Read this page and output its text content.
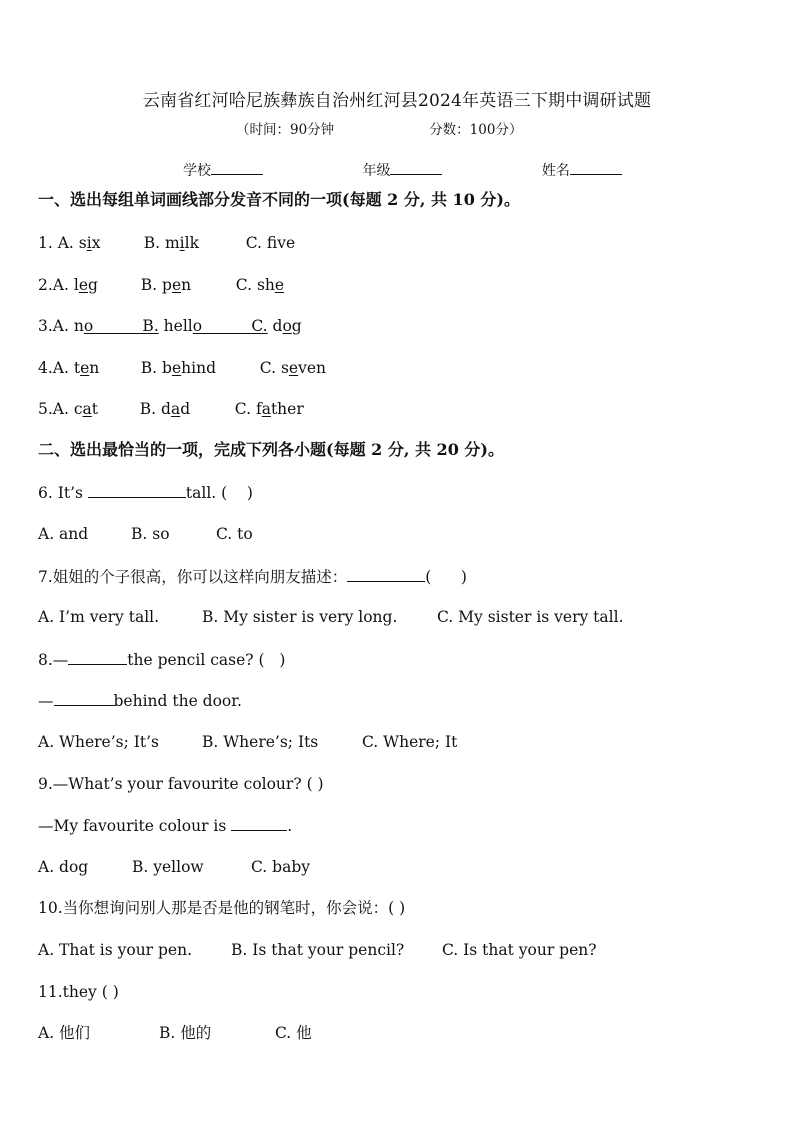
云南省红河哈尼族彝族自治州红河县2024年英语三下期中调研试题
（时间：90分钟	分数：100分）
学校	年级	姓名
一、选出每组单词画线部分发音不同的一项(每题 2 分, 共 10 分)。
1. A. six	B. milk	C. fve
2.A. leg	B. pen	C. she
3.A. no          B. hello          C. dog
4.A. ten	B. behind	C. seven
5.A. cat	B. dad	C. father
二、选出最恰当的一项，完成下列各小题(每题 2 分, 共 20 分)。
6. It’s	tall. (    )
A. and	B. so	C. to
7.姐姐的个子很高，你可以这样向朋友描述：	(      )
A. I’m very tall.	B. My sister is very long.	C. My sister is very tall.
8.—	the pencil case? (   )
—	behind the door.
A. Where’s; It’s	B. Where’s; Its	C. Where; It
9.—What’s your favourite colour? ( )
—My favourite colour is	.
A. dog	B. yellow	C. baby
10.当你想询问别人那是否是他的钢笔时，你会说：( )
A. That is your pen.	B. Is that your pencil? C. Is that your pen?
11.they ( )
A. 他们	B. 他的	C. 他
